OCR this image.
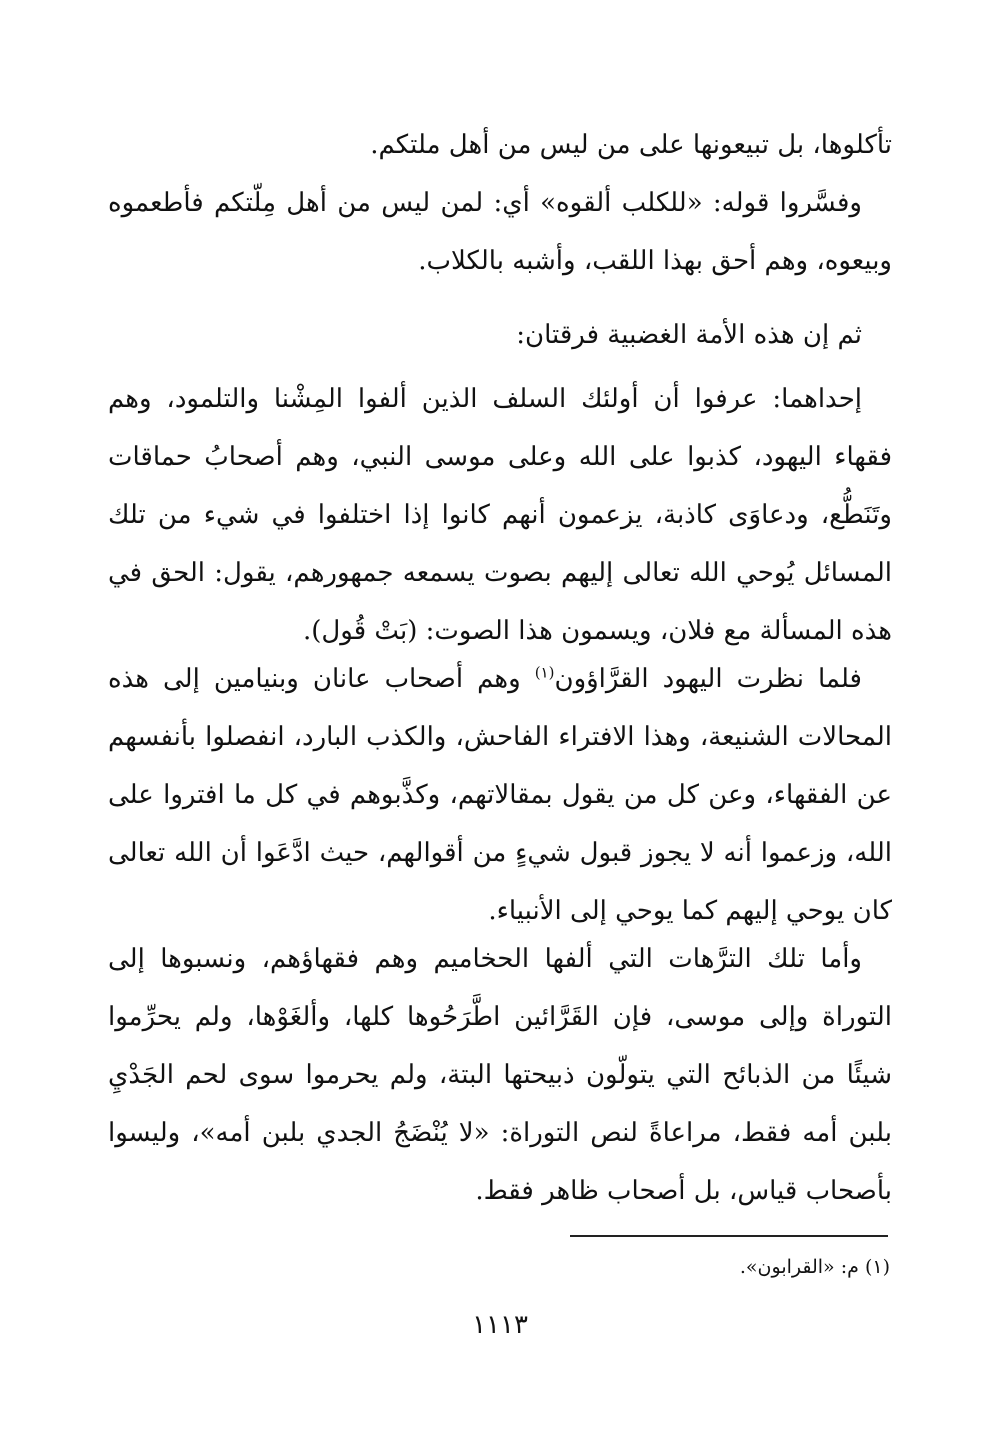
تأكلوها، بل تبيعونها على من ليس من أهل ملتكم.

وفسَّروا قوله: «للكلب ألقوه» أي: لمن ليس من أهل مِلّتكم فأطعموه وبيعوه، وهم أحق بهذا اللقب، وأشبه بالكلاب.

ثم إن هذه الأمة الغضبية فرقتان:

إحداهما: عرفوا أن أولئك السلف الذين ألفوا المِشْنا والتلمود، وهم فقهاء اليهود، كذبوا على الله وعلى موسى النبي، وهم أصحابُ حماقات وتَنَطُّع، ودعاوَى كاذبة، يزعمون أنهم كانوا إذا اختلفوا في شيء من تلك المسائل يُوحي الله تعالى إليهم بصوت يسمعه جمهورهم، يقول: الحق في هذه المسألة مع فلان، ويسمون هذا الصوت: (بَتْ قُول).

فلما نظرت اليهود القرَّاؤون$^{(١)}$ وهم أصحاب عانان وبنيامين إلى هذه المحالات الشنيعة، وهذا الافتراء الفاحش، والكذب البارد، انفصلوا بأنفسهم عن الفقهاء، وعن كل من يقول بمقالاتهم، وكذَّبوهم في كل ما افتروا على الله، وزعموا أنه لا يجوز قبول شيءٍ من أقوالهم، حيث ادَّعَوا أن الله تعالى كان يوحي إليهم كما يوحي إلى الأنبياء.

وأما تلك الترَّهات التي ألفها الحخاميم وهم فقهاؤهم، ونسبوها إلى التوراة وإلى موسى، فإن القَرَّائين اطَّرَحُوها كلها، وألغَوْها، ولم يحرِّموا شيئًا من الذبائح التي يتولّون ذبيحتها البتة، ولم يحرموا سوى لحم الجَدْيِ بلبن أمه فقط، مراعاةً لنص التوراة: «لا يُنْضَجُ الجدي بلبن أمه»، وليسوا بأصحاب قياس، بل أصحاب ظاهر فقط.

(١) م: «القرابون».
١١١٣
